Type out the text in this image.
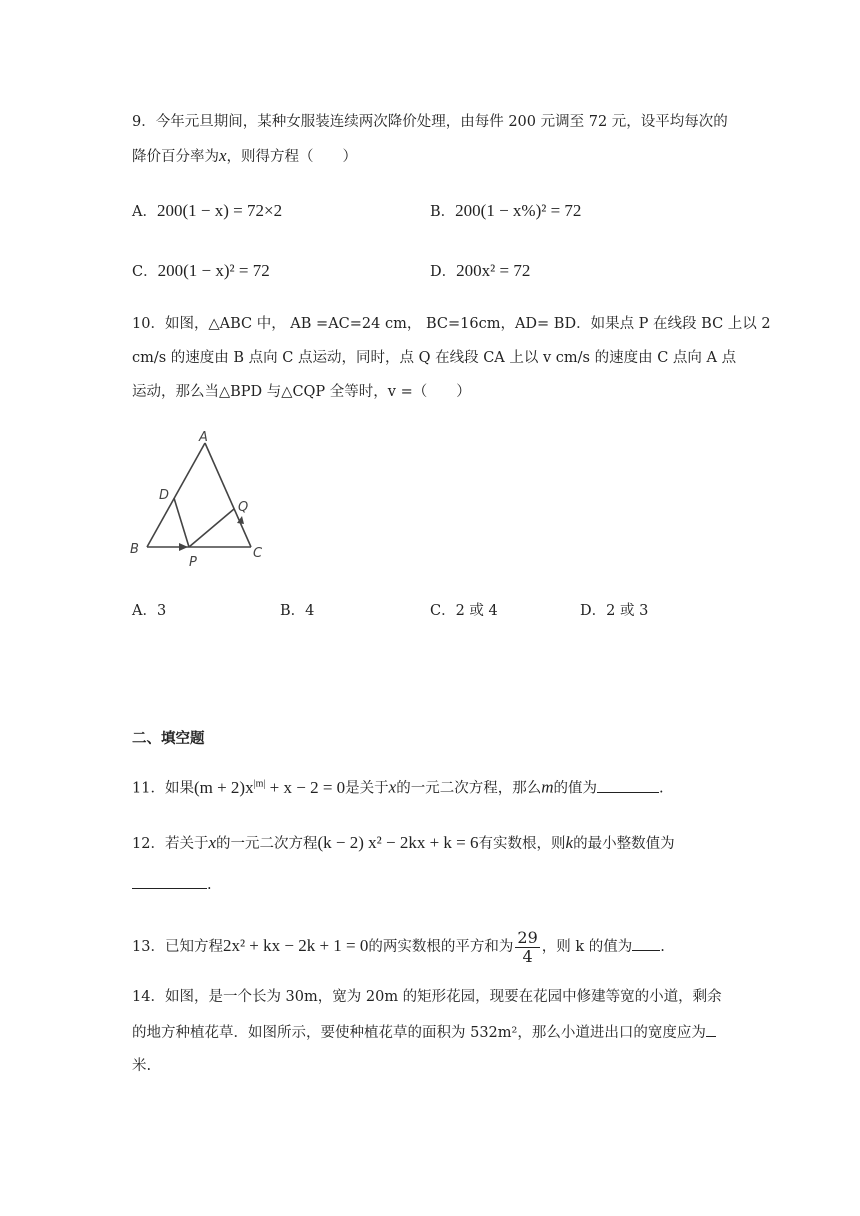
9．今年元旦期间，某种女服装连续两次降价处理，由每件 200 元调至 72 元，设平均每次的
降价百分率为x，则得方程（　　）
A．200(1 − x) = 72×2	B．200(1 − x%)² = 72
C．200(1 − x)² = 72	D．200x² = 72
10．如图，△ABC 中， AB =AC=24 cm， BC=16cm，AD= BD．如果点 P 在线段 BC 上以 2
cm/s 的速度由 B 点向 C 点运动，同时，点 Q 在线段 CA 上以 v cm/s 的速度由 C 点向 A 点
运动，那么当△BPD 与△CQP 全等时，v =（　　）
A
D
Q
B
P
C
A．3	B．4	C．2 或 4	D．2 或 3
二、填空题
11．如果$(m + 2)x^{|m|} + x - 2 = 0$是关于x的一元二次方程，那么m的值为	.
12．若关于x的一元二次方程(k − 2) x² − 2kx + k = 6有实数根，则k的最小整数值为
.
13．已知方程2x² + kx − 2k + 1 = 0的两实数根的平方和为 $\frac{29}{4}$ ，则 k 的值为 .
14．如图，是一个长为 30m，宽为 20m 的矩形花园，现要在花园中修建等宽的小道，剩余
的地方种植花草．如图所示，要使种植花草的面积为 532m²，那么小道进出口的宽度应为
米.
